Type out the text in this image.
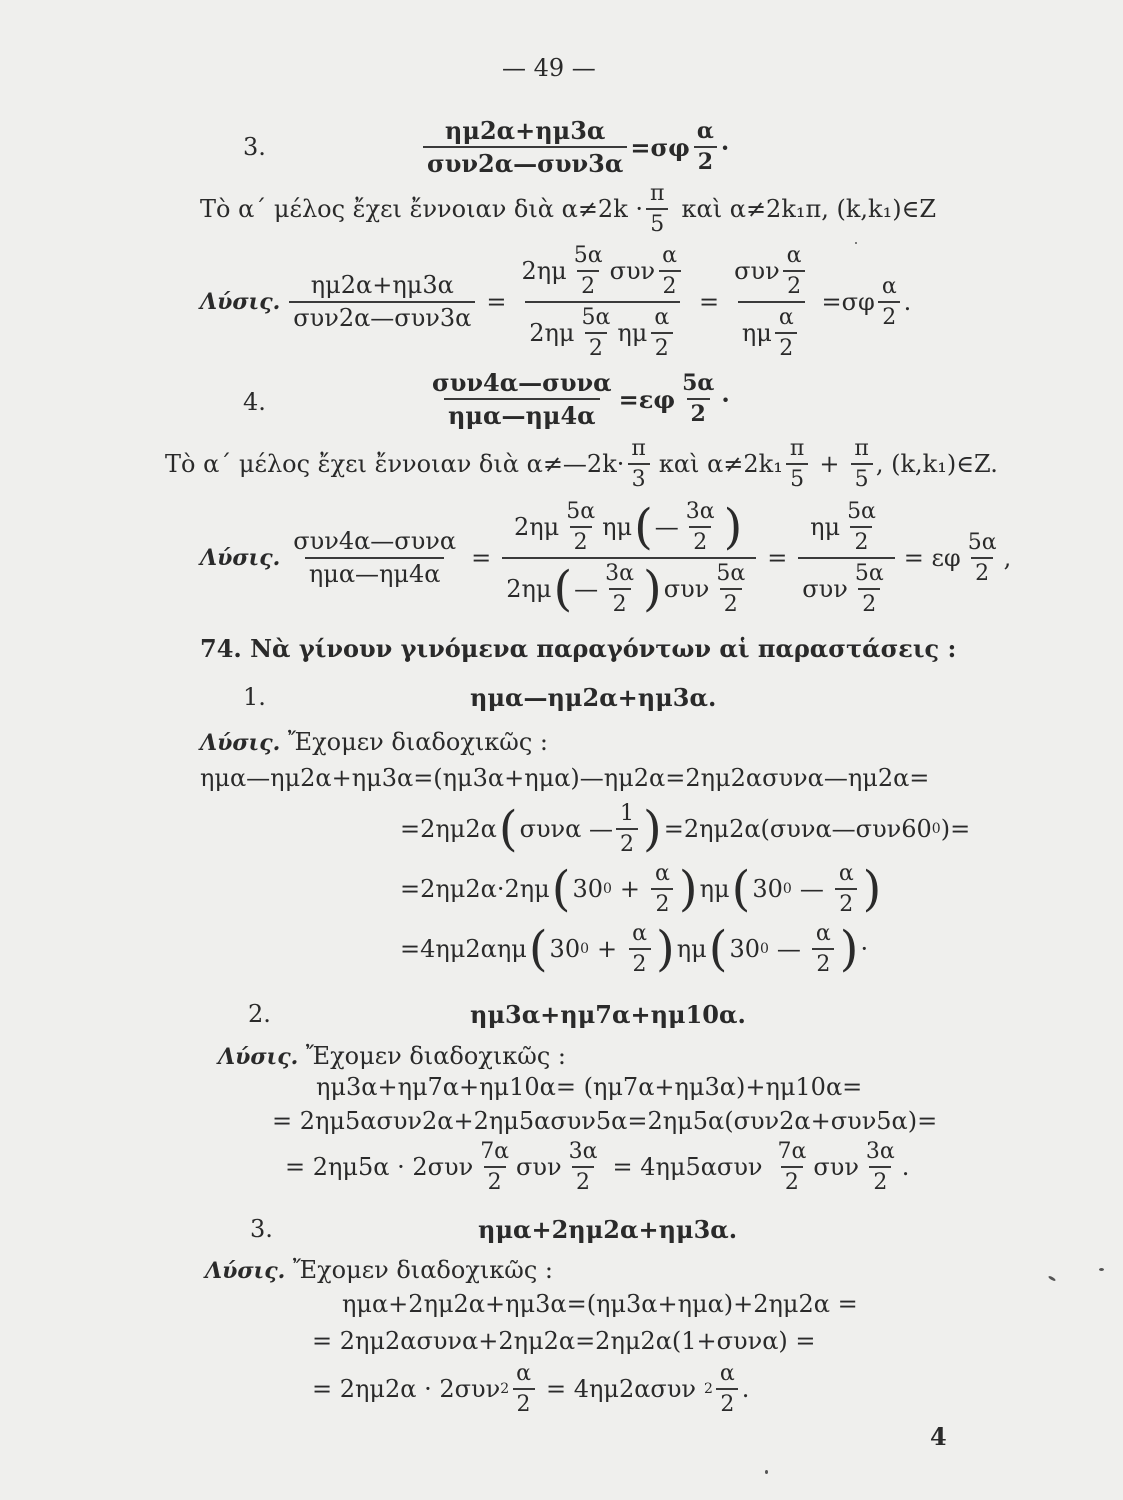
— 49 —
3.
ημ2α+ημ3α
συν2α—συν3α
$=\sigma\varphi \frac{\alpha}{2}$ ·
Τὸ α΄ μέλος ἔχει ἔννοιαν διὰ $\alpha\ne 2k \cdot \frac{\pi}{5}$ καὶ α≠2k₁π, (k,k₁)∈Z
Λύσις.
ημ2α+ημ3α
συν2α—συν3α
=
$2\eta\mu \frac{5\alpha}{2}$ συν $\frac{\alpha}{2}$
$2\eta\mu \frac{5\alpha}{2}$ ημ $\frac{\alpha}{2}$
=
συν $\frac{\alpha}{2}$
ημ $\frac{\alpha}{2}$
$=\sigma\varphi \frac{\alpha}{2}$ .
4.
συν4α—συνα
ημα—ημ4α
$=\varepsilon\varphi \frac{5\alpha}{2}$ ·
Τὸ α΄ μέλος ἔχει ἔννοιαν διὰ α≠—2k· $\frac{\pi}{3}$ καὶ $\alpha\ne 2k_1 \frac{\pi}{5} + \frac{\pi}{5}$ , (k,k₁)∈Z.
Λύσις.
συν4α—συνα
ημα—ημ4α
=
$2\eta\mu \frac{5\alpha}{2}$ ημ ( — $\frac{3\alpha}{2}$ )
2ημ ( — $\frac{3\alpha}{2}$ ) συν $\frac{5\alpha}{2}$
=
ημ $\frac{5\alpha}{2}$
συν $\frac{5\alpha}{2}$
= εφ $\frac{5\alpha}{2}$ ,
74. Νὰ γίνουν γινόμενα παραγόντων αἱ παραστάσεις :
1.	ημα—ημ2α+ημ3α.
Λύσις. Ἔχομεν διαδοχικῶς :
ημα—ημ2α+ημ3α=(ημ3α+ημα)—ημ2α=2ημ2ασυνα—ημ2α=
=2ημ2α ( συνα — $\frac{1}{2}$ ) =2ημ2α(συνα—συν60 0 )=
=2ημ2α·2ημ ( 30 $0 + \frac{\alpha}{2}$ ) ημ ( 30 0 — $\frac{\alpha}{2}$ )
=4ημ2αημ ( 30 $0 + \frac{\alpha}{2}$ ) ημ ( 30 0 — $\frac{\alpha}{2}$ ) ·
2.	ημ3α+ημ7α+ημ10α.
Λύσις. Ἔχομεν διαδοχικῶς :
ημ3α+ημ7α+ημ10α= (ημ7α+ημ3α)+ημ10α=
= 2ημ5ασυν2α+2ημ5ασυν5α=2ημ5α(συν2α+συν5α)=
= $2\eta\mu 5\alpha \cdot 2\sigma\upsilon\nu \frac{7\alpha}{2}$ συν $\frac{3\alpha}{2} = 4\eta\mu 5\alpha\sigma\upsilon\nu \frac{7\alpha}{2}$ συν $\frac{3\alpha}{2}$ .
3.	ημα+2ημ2α+ημ3α.
Λύσις. Ἔχομεν διαδοχικῶς :
ημα+2ημ2α+ημ3α=(ημ3α+ημα)+2ημ2α =
= 2ημ2ασυνα+2ημ2α=2ημ2α(1+συνα) =
= 2ημ2α · 2συν $2 \frac{\alpha}{2} = 4\eta\mu 2\alpha\sigma\upsilon\nu$ $2 \frac{\alpha}{2}$ .
4
